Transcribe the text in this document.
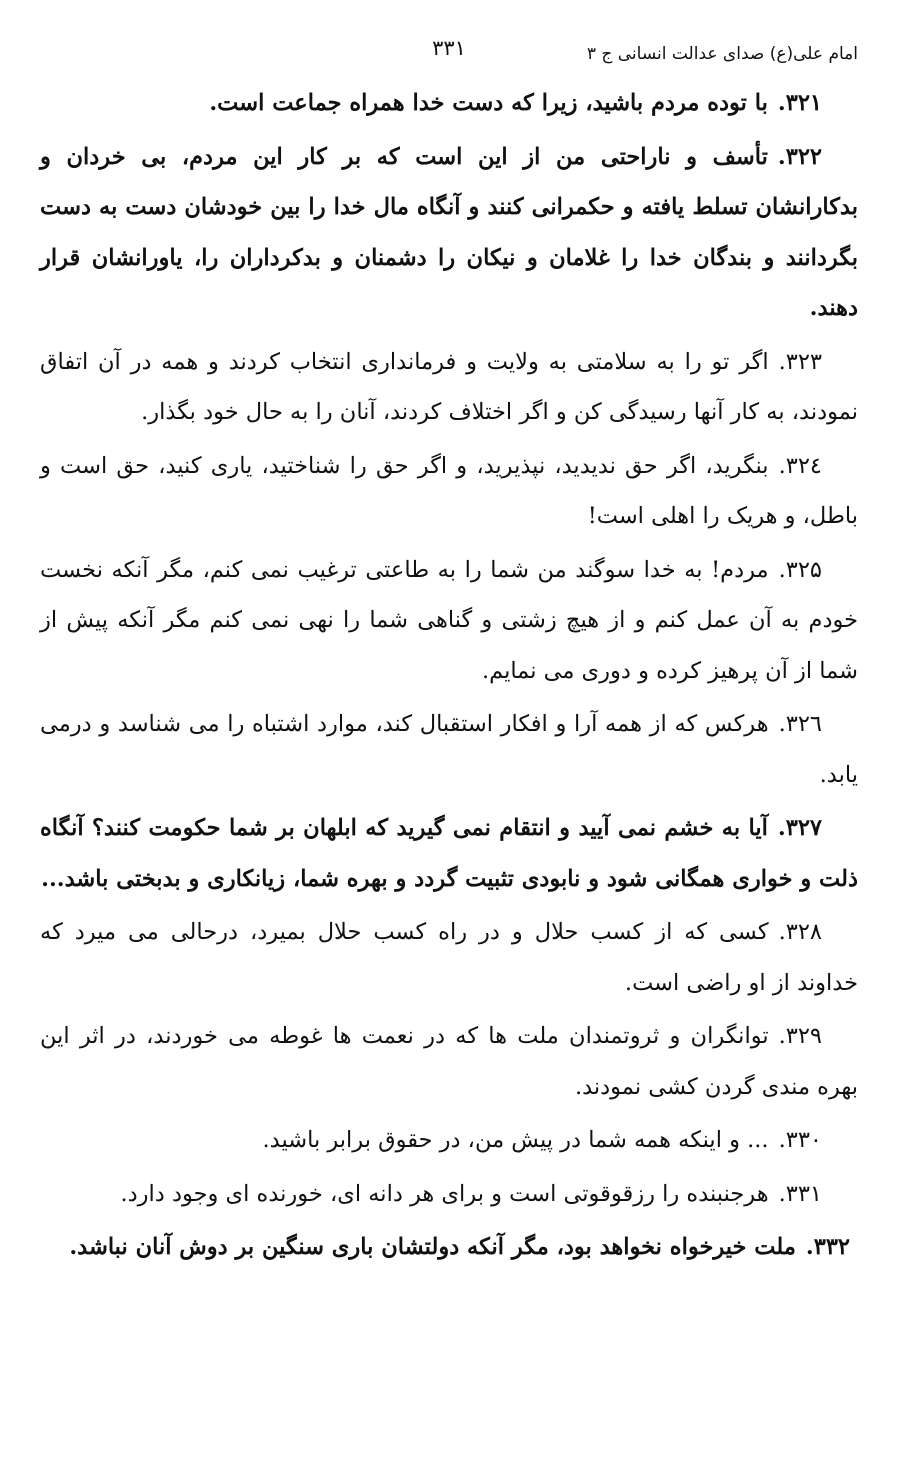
امام علی(ع) صدای عدالت انسانی ج ۳
۳۳۱

۳۲۱.با توده مردم باشید، زیرا که دست خدا همراه جماعت است.

۳۲۲.تأسف و ناراحتی من از این است که بر کار این مردم، بی خردان و بدکارانشان تسلط یافته و حکمرانی کنند و آنگاه مال خدا را بین خودشان دست به دست بگردانند و بندگان خدا را غلامان و نیکان را دشمنان و بدکرداران را، یاورانشان قرار دهند.

۳۲۳.اگر تو را به سلامتی به ولایت و فرمانداری انتخاب کردند و همه در آن اتفاق نمودند، به کار آنها رسیدگی کن و اگر اختلاف کردند، آنان را به حال خود بگذار.

۳۲٤.بنگرید، اگر حق ندیدید، نپذیرید، و اگر حق را شناختید، یاری کنید، حق است و باطل، و هریک را اهلی است!

۳۲۵.مردم! به خدا سوگند من شما را به طاعتی ترغیب نمی کنم، مگر آنکه نخست خودم به آن عمل کنم و از هیچ زشتی و گناهی شما را نهی نمی کنم مگر آنکه پیش از شما از آن پرهیز کرده و دوری می نمایم.

۳۲٦.هرکس که از همه آرا و افکار استقبال کند، موارد اشتباه را می شناسد و درمی یابد.

۳۲۷.آیا به خشم نمی آیید و انتقام نمی گیرید که ابلهان بر شما حکومت کنند؟ آنگاه ذلت و خواری همگانی شود و نابودی تثبیت گردد و بهره شما، زیانکاری و بدبختی باشد...

۳۲۸.کسی که از کسب حلال و در راه کسب حلال بمیرد، درحالی می میرد که خداوند از او راضی است.

۳۲۹.توانگران و ثروتمندان ملت ها که در نعمت ها غوطه می خوردند، در اثر این بهره مندی گردن کشی نمودند.

۳۳۰.... و اینکه همه شما در پیش من، در حقوق برابر باشید.

۳۳۱.هرجنبنده را رزقوقوتی است و برای هر دانه ای، خورنده ای وجود دارد.

۳۳۲.ملت خیرخواه نخواهد بود، مگر آنکه دولتشان باری سنگین بر دوش آنان نباشد.
